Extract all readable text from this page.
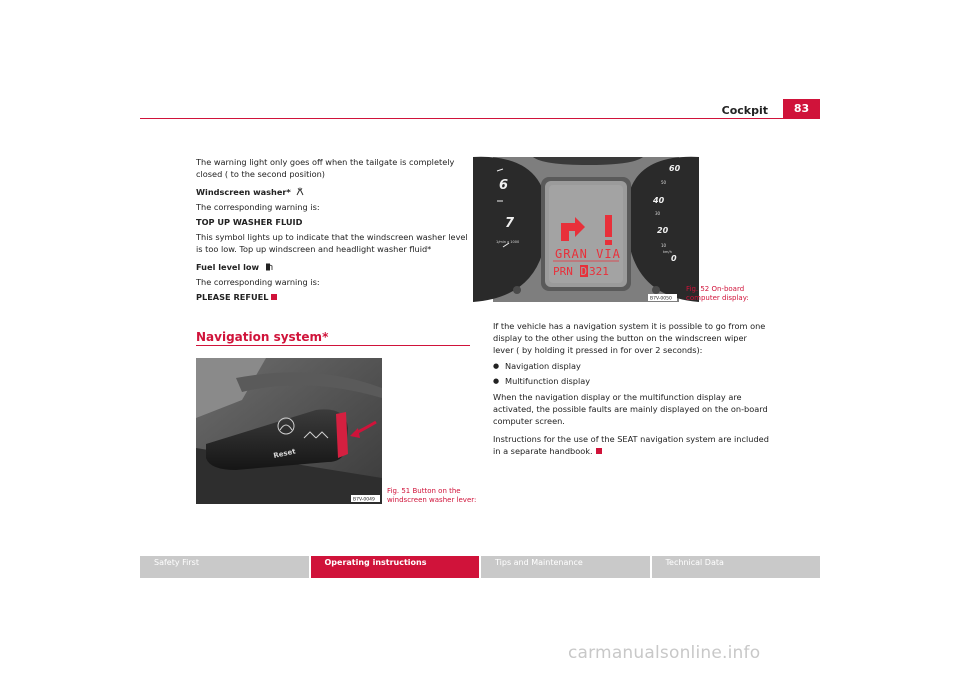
Cockpit	83

The warning light only goes off when the tailgate is completely closed ( to the second position)

Windscreen washer*

The corresponding warning is:

TOP UP WASHER FLUID

This symbol lights up to indicate that the windscreen washer level is too low. Top up windscreen and headlight washer fluid*

Fuel level low

The corresponding warning is:

PLEASE REFUEL

Navigation system*
Reset
B7V-0049
Fig. 51 Button on the windscreen washer lever:
6
7
1/min x 1000
60
50
40
30
20
10
0
km/h
GRAN VIA
PRN D 321
B7V-0050
Fig. 52 On-board computer display:

If the vehicle has a navigation system it is possible to go from one display to the other using the button on the windscreen wiper lever ( by holding it pressed in for over 2 seconds):

● Navigation display
● Multifunction display

When the navigation display or the multifunction display are activated, the possible faults are mainly displayed on the on-board computer screen.

Instructions for the use of the SEAT navigation system are included in a separate handbook.

Safety First	Operating instructions	Tips and Maintenance	Technical Data
carmanualsonline.info
